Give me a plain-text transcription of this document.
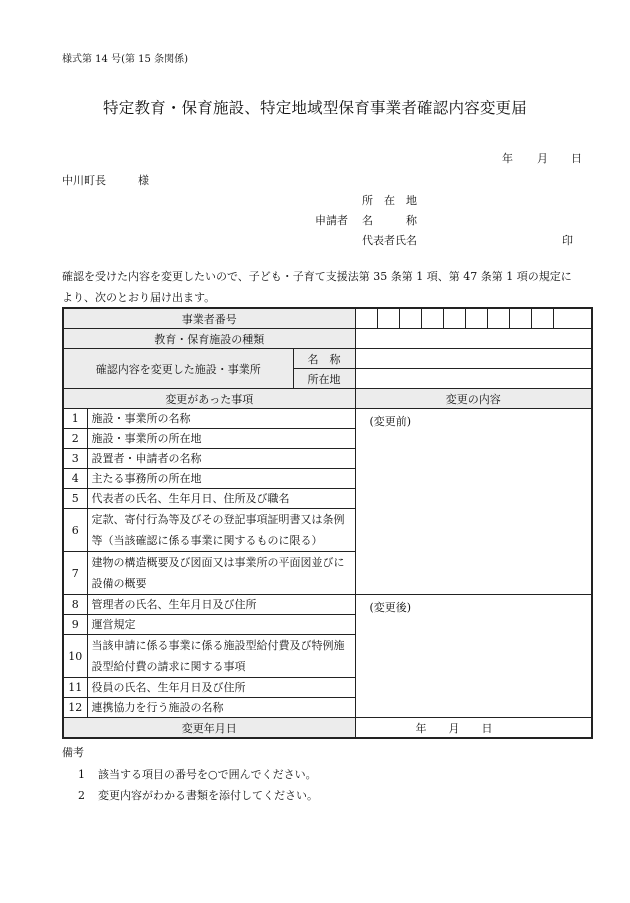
様式第 14 号(第 15 条関係)
特定教育・保育施設、特定地域型保育事業者確認内容変更届
年 月 日
中川町長	様
所　在　地
申請者 名　　　称
代表者氏名	印
確認を受けた内容を変更したいので、子ども・子育て支援法第 35 条第 1 項、第 47 条第 1 項の規定により、次のとおり届け出ます。
事業者番号			

教育・保育施設の種類			
確認内容を変更した施設・事業所		名　称	
		所在地	
変更があった事項			変更の内容
1	施設・事業所の名称		(変更前)
2	施設・事業所の所在地		
3	設置者・申請者の名称		
4	主たる事務所の所在地		
5	代表者の氏名、生年月日、住所及び職名		
6	定款、寄付行為等及びその登記事項証明書又は条例等（当該確認に係る事業に関するものに限る）		
7	建物の構造概要及び図面又は事業所の平面図並びに設備の概要		
8	管理者の氏名、生年月日及び住所		(変更後)
9	運営規定		
10	当該申請に係る事業に係る施設型給付費及び特例施設型給付費の請求に関する事項		
11	役員の氏名、生年月日及び住所		
12	連携協力を行う施設の名称		
変更年月日			年　　月　　日
備考
1 該当する項目の番号を○で囲んでください。
2 変更内容がわかる書類を添付してください。
